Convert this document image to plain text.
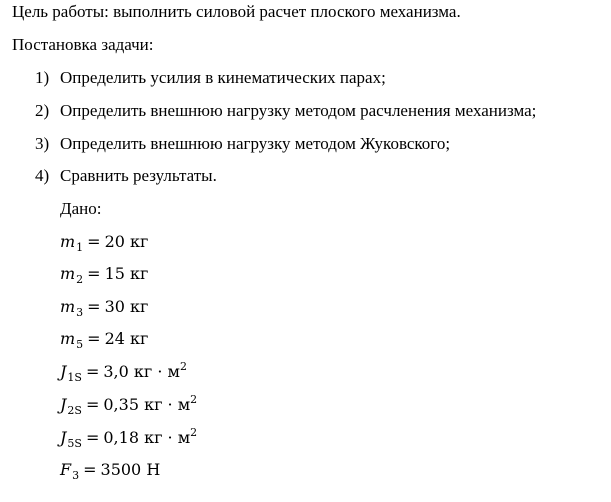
Цель работы: выполнить силовой расчет плоского механизма.
Постановка задачи:
1) Определить усилия в кинематических парах;
2) Определить внешнюю нагрузку методом расчленения механизма;
3) Определить внешнюю нагрузку методом Жуковского;
4) Сравнить результаты.
Дано:
$m_1 = 20$ кг
$m_2 = 15$ кг
$m_3 = 30$ кг
$m_5 = 24$ кг
$J_{1S} = 3,0$ кг · $м^2$
$J_{2S} = 0,35$ кг · $м^2$
$J_{5S} = 0,18$ кг · $м^2$
$F_3 = 3500$ Н
